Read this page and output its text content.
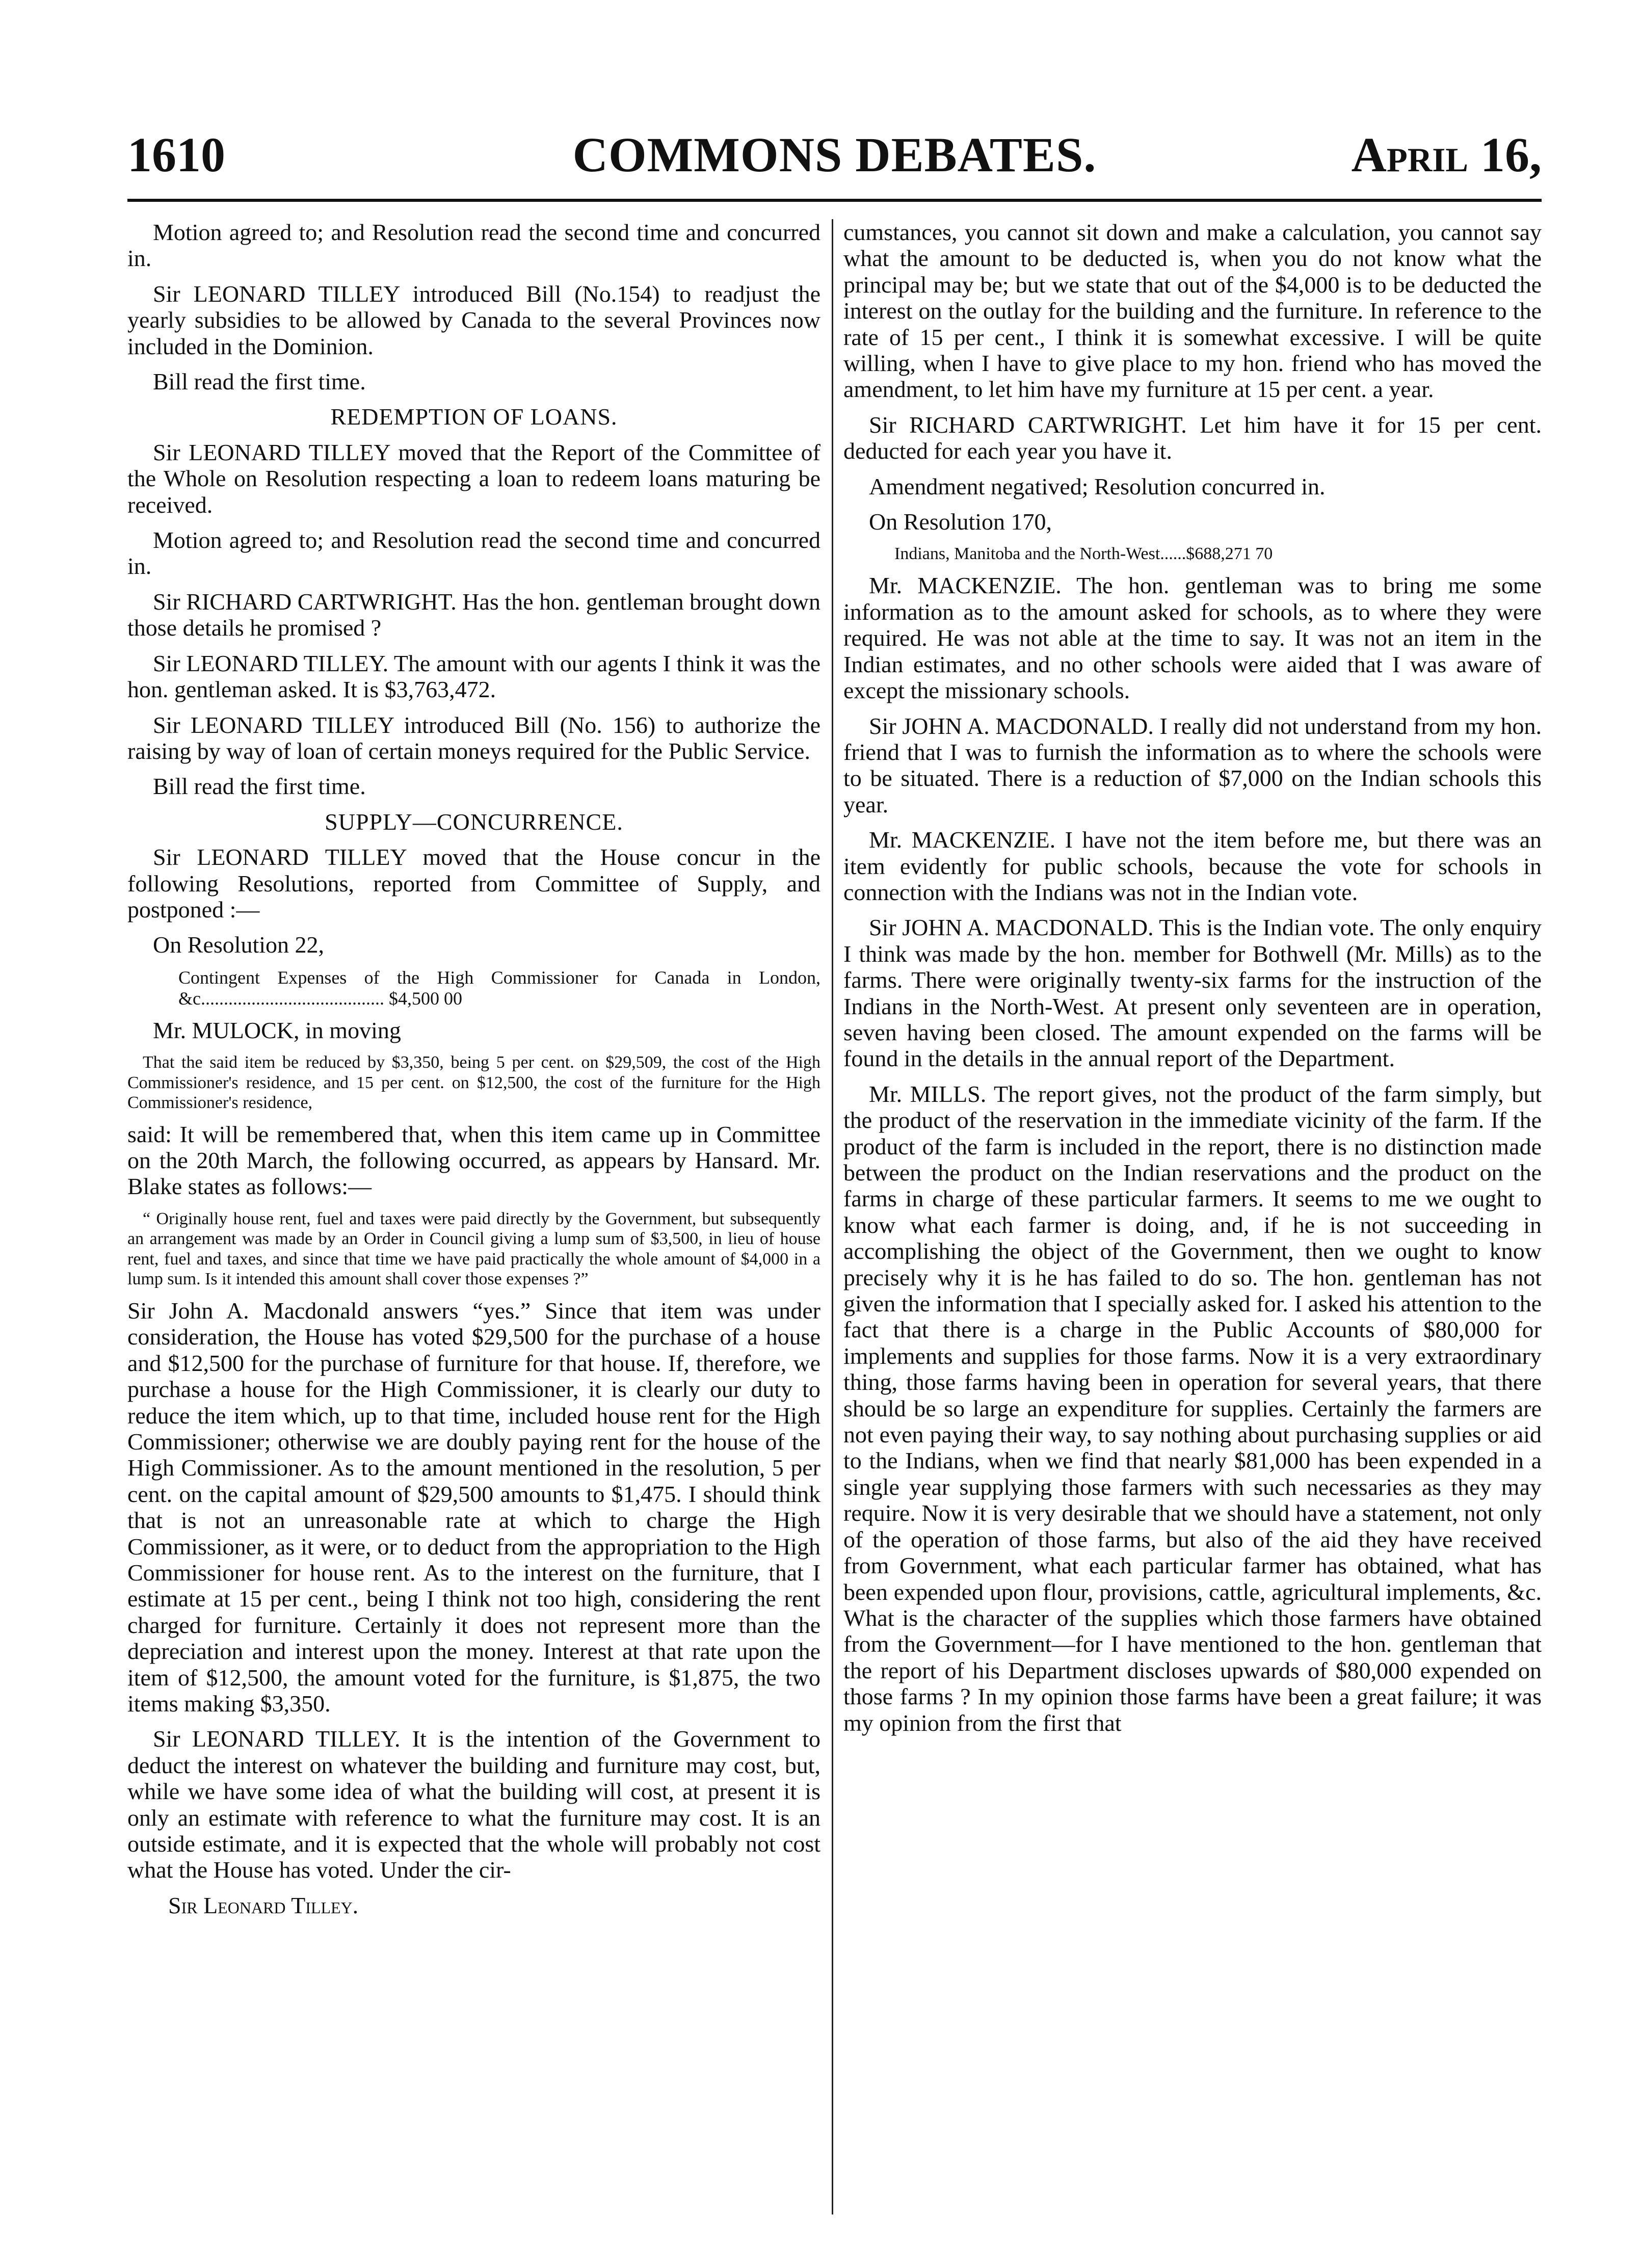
1610	COMMONS DEBATES.	April 16,

Motion agreed to; and Resolution read the second time and concurred in.

Sir LEONARD TILLEY introduced Bill (No.154) to readjust the yearly subsidies to be allowed by Canada to the several Provinces now included in the Dominion.

Bill read the first time.

REDEMPTION OF LOANS.

Sir LEONARD TILLEY moved that the Report of the Committee of the Whole on Resolution respecting a loan to redeem loans maturing be received.

Motion agreed to; and Resolution read the second time and concurred in.

Sir RICHARD CARTWRIGHT. Has the hon. gentleman brought down those details he promised ?

Sir LEONARD TILLEY. The amount with our agents I think it was the hon. gentleman asked. It is $3,763,472.

Sir LEONARD TILLEY introduced Bill (No. 156) to authorize the raising by way of loan of certain moneys required for the Public Service.

Bill read the first time.

SUPPLY—CONCURRENCE.

Sir LEONARD TILLEY moved that the House concur in the following Resolutions, reported from Committee of Supply, and postponed :—

On Resolution 22,

Contingent Expenses of the High Commissioner for Canada in London, &c........................................ $4,500 00

Mr. MULOCK, in moving

That the said item be reduced by $3,350, being 5 per cent. on $29,509, the cost of the High Commissioner's residence, and 15 per cent. on $12,500, the cost of the furniture for the High Commissioner's residence,

said: It will be remembered that, when this item came up in Committee on the 20th March, the following occurred, as appears by Hansard. Mr. Blake states as follows:—

“ Originally house rent, fuel and taxes were paid directly by the Government, but subsequently an arrangement was made by an Order in Council giving a lump sum of $3,500, in lieu of house rent, fuel and taxes, and since that time we have paid practically the whole amount of $4,000 in a lump sum. Is it intended this amount shall cover those expenses ?”

Sir John A. Macdonald answers “yes.” Since that item was under consideration, the House has voted $29,500 for the purchase of a house and $12,500 for the purchase of furniture for that house. If, therefore, we purchase a house for the High Commissioner, it is clearly our duty to reduce the item which, up to that time, included house rent for the High Commissioner; otherwise we are doubly paying rent for the house of the High Commissioner. As to the amount mentioned in the resolution, 5 per cent. on the capital amount of $29,500 amounts to $1,475. I should think that is not an unreasonable rate at which to charge the High Commissioner, as it were, or to deduct from the appropriation to the High Commissioner for house rent. As to the interest on the furniture, that I estimate at 15 per cent., being I think not too high, considering the rent charged for furniture. Certainly it does not represent more than the depreciation and interest upon the money. Interest at that rate upon the item of $12,500, the amount voted for the furniture, is $1,875, the two items making $3,350.

Sir LEONARD TILLEY. It is the intention of the Government to deduct the interest on whatever the building and furniture may cost, but, while we have some idea of what the building will cost, at present it is only an estimate with reference to what the furniture may cost. It is an outside estimate, and it is expected that the whole will probably not cost what the House has voted. Under the cir-

Sir Leonard Tilley.

cumstances, you cannot sit down and make a calculation, you cannot say what the amount to be deducted is, when you do not know what the principal may be; but we state that out of the $4,000 is to be deducted the interest on the outlay for the building and the furniture. In reference to the rate of 15 per cent., I think it is somewhat excessive. I will be quite willing, when I have to give place to my hon. friend who has moved the amendment, to let him have my furniture at 15 per cent. a year.

Sir RICHARD CARTWRIGHT. Let him have it for 15 per cent. deducted for each year you have it.

Amendment negatived; Resolution concurred in.

On Resolution 170,

Indians, Manitoba and the North-West......$688,271 70

Mr. MACKENZIE. The hon. gentleman was to bring me some information as to the amount asked for schools, as to where they were required. He was not able at the time to say. It was not an item in the Indian estimates, and no other schools were aided that I was aware of except the missionary schools.

Sir JOHN A. MACDONALD. I really did not understand from my hon. friend that I was to furnish the information as to where the schools were to be situated. There is a reduction of $7,000 on the Indian schools this year.

Mr. MACKENZIE. I have not the item before me, but there was an item evidently for public schools, because the vote for schools in connection with the Indians was not in the Indian vote.

Sir JOHN A. MACDONALD. This is the Indian vote. The only enquiry I think was made by the hon. member for Bothwell (Mr. Mills) as to the farms. There were originally twenty-six farms for the instruction of the Indians in the North-West. At present only seventeen are in operation, seven having been closed. The amount expended on the farms will be found in the details in the annual report of the Department.

Mr. MILLS. The report gives, not the product of the farm simply, but the product of the reservation in the immediate vicinity of the farm. If the product of the farm is included in the report, there is no distinction made between the product on the Indian reservations and the product on the farms in charge of these particular farmers. It seems to me we ought to know what each farmer is doing, and, if he is not succeeding in accomplishing the object of the Government, then we ought to know precisely why it is he has failed to do so. The hon. gentleman has not given the information that I specially asked for. I asked his attention to the fact that there is a charge in the Public Accounts of $80,000 for implements and supplies for those farms. Now it is a very extraordinary thing, those farms having been in operation for several years, that there should be so large an expenditure for supplies. Certainly the farmers are not even paying their way, to say nothing about purchasing supplies or aid to the Indians, when we find that nearly $81,000 has been expended in a single year supplying those farmers with such necessaries as they may require. Now it is very desirable that we should have a statement, not only of the operation of those farms, but also of the aid they have received from Government, what each particular farmer has obtained, what has been expended upon flour, provisions, cattle, agricultural implements, &c. What is the character of the supplies which those farmers have obtained from the Government—for I have mentioned to the hon. gentleman that the report of his Department discloses upwards of $80,000 expended on those farms ? In my opinion those farms have been a great failure; it was my opinion from the first that
